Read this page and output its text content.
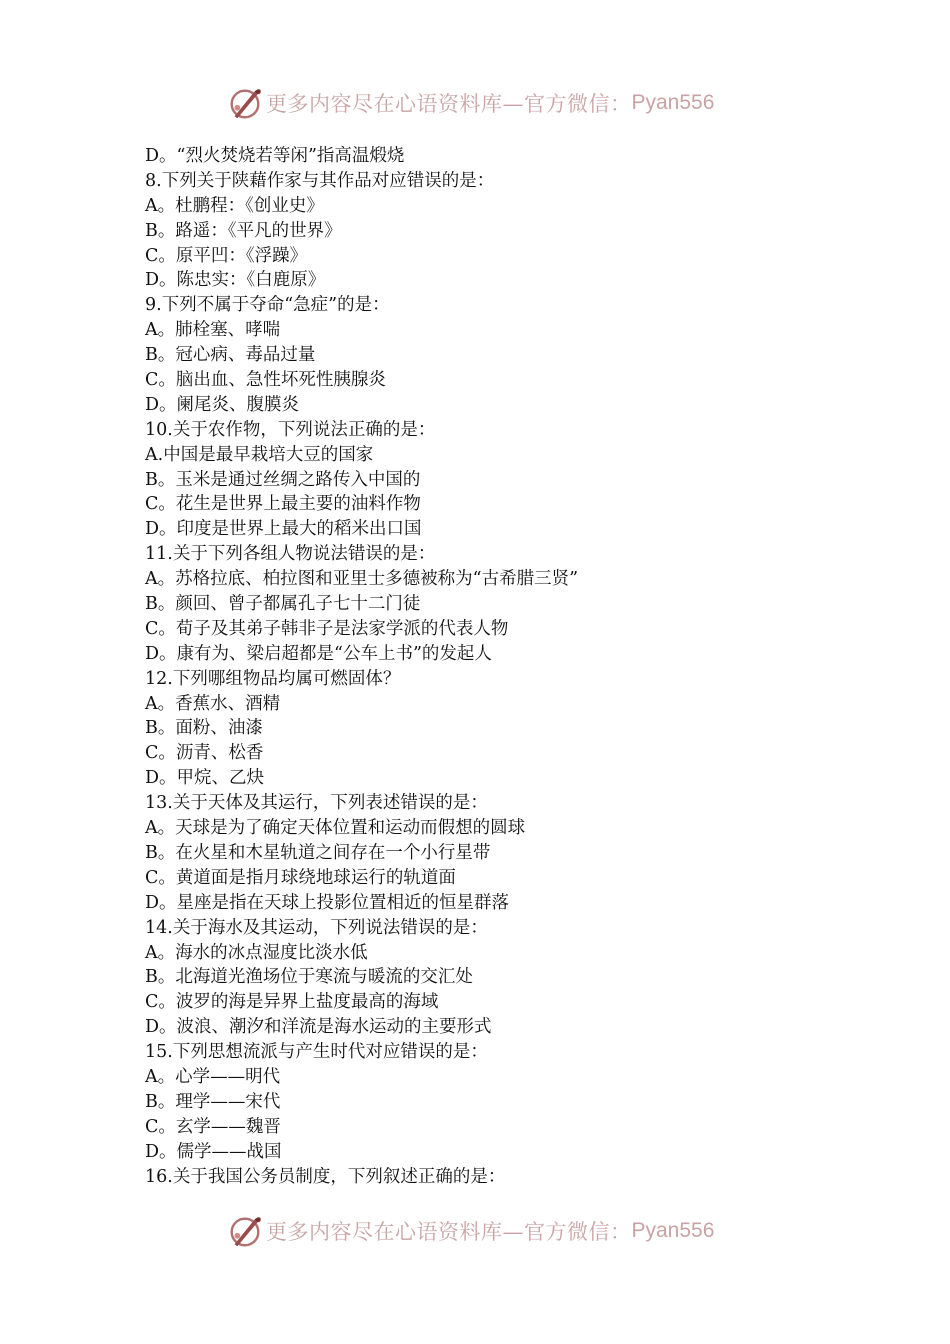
更多内容尽在心语资料库—官方微信： Pyan556
D。“烈火焚烧若等闲”指高温煅烧
8.下列关于陕藉作家与其作品对应错误的是：
A。杜鹏程：《创业史》
B。路遥：《平凡的世界》
C。原平凹：《浮躁》
D。陈忠实：《白鹿原》
9.下列不属于夺命“急症”的是：
A。肺栓塞、哮喘
B。冠心病、毒品过量
C。脑出血、急性坏死性胰腺炎
D。阑尾炎、腹膜炎
10.关于农作物，下列说法正确的是：
A.中国是最早栽培大豆的国家
B。玉米是通过丝绸之路传入中国的
C。花生是世界上最主要的油料作物
D。印度是世界上最大的稻米出口国
11.关于下列各组人物说法错误的是：
A。苏格拉底、柏拉图和亚里士多德被称为“古希腊三贤”
B。颜回、曾子都属孔子七十二门徒
C。荀子及其弟子韩非子是法家学派的代表人物
D。康有为、梁启超都是“公车上书”的发起人
12.下列哪组物品均属可燃固体？
A。香蕉水、酒精
B。面粉、油漆
C。沥青、松香
D。甲烷、乙炔
13.关于天体及其运行，下列表述错误的是：
A。天球是为了确定天体位置和运动而假想的圆球
B。在火星和木星轨道之间存在一个小行星带
C。黄道面是指月球绕地球运行的轨道面
D。星座是指在天球上投影位置相近的恒星群落
14.关于海水及其运动，下列说法错误的是：
A。海水的冰点湿度比淡水低
B。北海道光渔场位于寒流与暖流的交汇处
C。波罗的海是异界上盐度最高的海域
D。波浪、潮汐和洋流是海水运动的主要形式
15.下列思想流派与产生时代对应错误的是：
A。心学——明代
B。理学——宋代
C。玄学——魏晋
D。儒学——战国
16.关于我国公务员制度，下列叙述正确的是：
更多内容尽在心语资料库—官方微信： Pyan556
